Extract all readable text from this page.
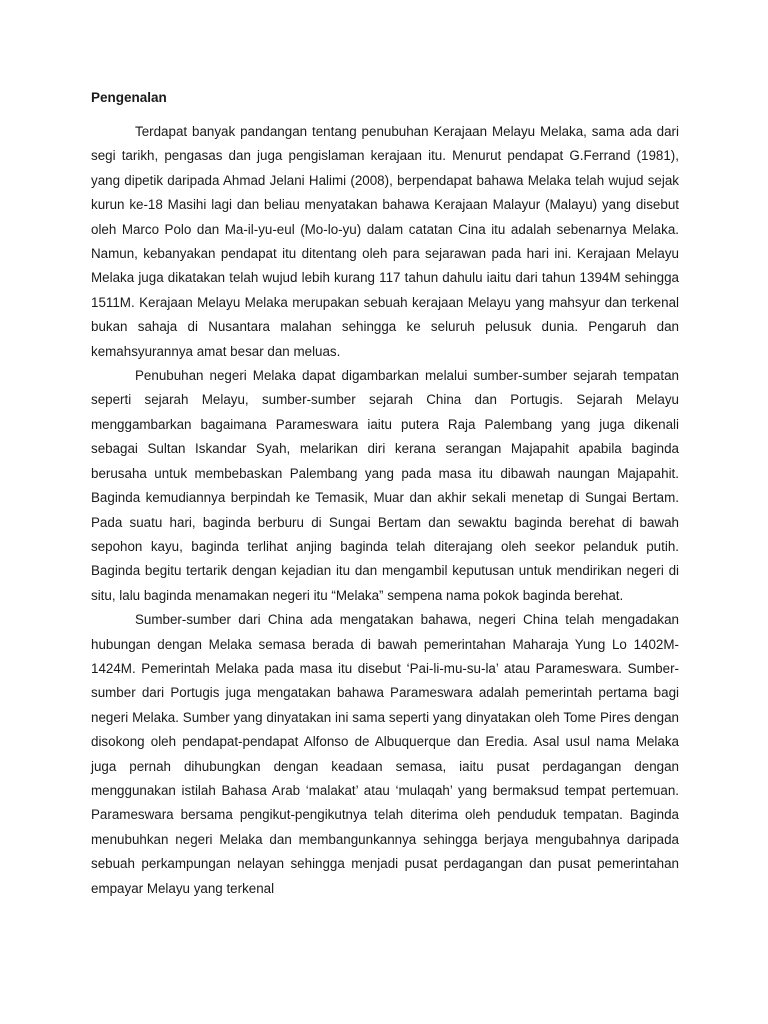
Pengenalan

Terdapat banyak pandangan tentang penubuhan Kerajaan Melayu Melaka, sama ada dari segi tarikh, pengasas dan juga pengislaman kerajaan itu. Menurut pendapat G.Ferrand (1981), yang dipetik daripada Ahmad Jelani Halimi (2008), berpendapat bahawa Melaka telah wujud sejak kurun ke-18 Masihi lagi dan beliau menyatakan bahawa Kerajaan Malayur (Malayu) yang disebut oleh Marco Polo dan Ma-il-yu-eul (Mo-lo-yu) dalam catatan Cina itu adalah sebenarnya Melaka. Namun, kebanyakan pendapat itu ditentang oleh para sejarawan pada hari ini. Kerajaan Melayu Melaka juga dikatakan telah wujud lebih kurang 117 tahun dahulu iaitu dari tahun 1394M sehingga 1511M. Kerajaan Melayu Melaka merupakan sebuah kerajaan Melayu yang mahsyur dan terkenal bukan sahaja di Nusantara malahan sehingga ke seluruh pelusuk dunia. Pengaruh dan kemahsyurannya amat besar dan meluas.

Penubuhan negeri Melaka dapat digambarkan melalui sumber-sumber sejarah tempatan seperti sejarah Melayu, sumber-sumber sejarah China dan Portugis. Sejarah Melayu menggambarkan bagaimana Parameswara iaitu putera Raja Palembang yang juga dikenali sebagai Sultan Iskandar Syah, melarikan diri kerana serangan Majapahit apabila baginda berusaha untuk membebaskan Palembang yang pada masa itu dibawah naungan Majapahit. Baginda kemudiannya berpindah ke Temasik, Muar dan akhir sekali menetap di Sungai Bertam. Pada suatu hari, baginda berburu di Sungai Bertam dan sewaktu baginda berehat di bawah sepohon kayu, baginda terlihat anjing baginda telah diterajang oleh seekor pelanduk putih. Baginda begitu tertarik dengan kejadian itu dan mengambil keputusan untuk mendirikan negeri di situ, lalu baginda menamakan negeri itu “Melaka” sempena nama pokok baginda berehat.

Sumber-sumber dari China ada mengatakan bahawa, negeri China telah mengadakan hubungan dengan Melaka semasa berada di bawah pemerintahan Maharaja Yung Lo 1402M-1424M. Pemerintah Melaka pada masa itu disebut ‘Pai-li-mu-su-la’ atau Parameswara. Sumber-sumber dari Portugis juga mengatakan bahawa Parameswara adalah pemerintah pertama bagi negeri Melaka. Sumber yang dinyatakan ini sama seperti yang dinyatakan oleh Tome Pires dengan disokong oleh pendapat-pendapat Alfonso de Albuquerque dan Eredia. Asal usul nama Melaka juga pernah dihubungkan dengan keadaan semasa, iaitu pusat perdagangan dengan menggunakan istilah Bahasa Arab ‘malakat’ atau ‘mulaqah’ yang bermaksud tempat pertemuan. Parameswara bersama pengikut-pengikutnya telah diterima oleh penduduk tempatan. Baginda menubuhkan negeri Melaka dan membangunkannya sehingga berjaya mengubahnya daripada sebuah perkampungan nelayan sehingga menjadi pusat perdagangan dan pusat pemerintahan empayar Melayu yang terkenal
